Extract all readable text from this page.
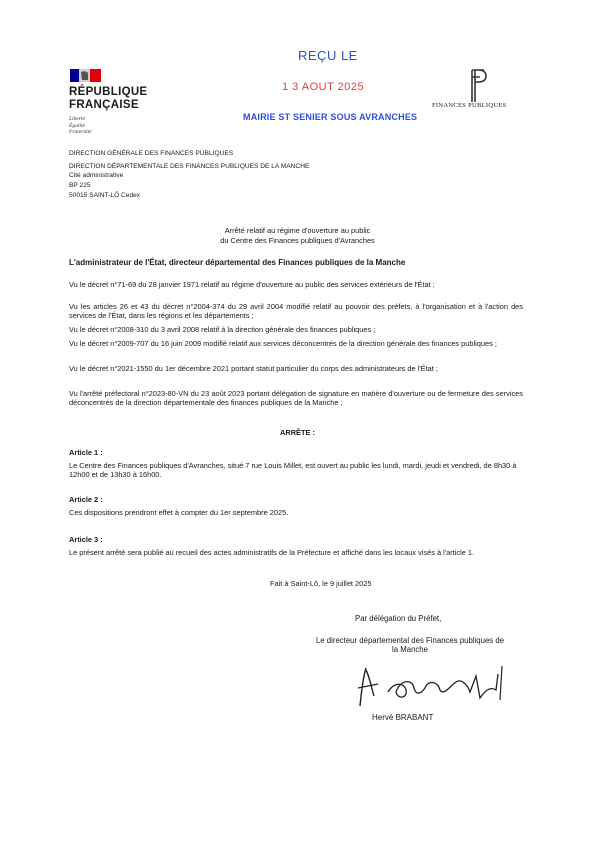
REÇU LE
1 3 AOUT 2025
MAIRIE ST SENIER SOUS AVRANCHES
RÉPUBLIQUE
FRANÇAISE
Liberté
Égalité
Fraternité
FINANCES PUBLIQUES
DIRECTION GÉNÉRALE DES FINANCES PUBLIQUES
DIRECTION DÉPARTEMENTALE DES FINANCES PUBLIQUES DE LA MANCHE
Cité administrative
BP 225
50015 SAINT-LÔ Cedex
Arrêté relatif au régime d'ouverture au public
du Centre des Finances publiques d'Avranches
L'administrateur de l'État, directeur départemental des Finances publiques de la Manche
Vu le décret n°71-69 du 28 janvier 1971 relatif au régime d'ouverture au public des services extérieurs de l'État ;
Vu les articles 26 et 43 du décret n°2004-374 du 29 avril 2004 modifié relatif au pouvoir des préfets, à l'organisation et à l'action des services de l'État, dans les régions et les départements ;
Vu le décret n°2008-310 du 3 avril 2008 relatif à la direction générale des finances publiques ;
Vu le décret n°2009-707 du 16 juin 2009 modifié relatif aux services déconcentrés de la direction générale des finances publiques ;
Vu le décret n°2021-1550 du 1er décembre 2021 portant statut particulier du corps des administrateurs de l'État ;
Vu l'arrêté préfectoral n°2023-80-VN du 23 août 2023 portant délégation de signature en matière d'ouverture ou de fermeture des services déconcentrés de la direction départementale des finances publiques de la Manche ;
ARRÊTE :
Article 1 :
Le Centre des Finances publiques d'Avranches, situé 7 rue Louis Millet, est ouvert au public les lundi, mardi, jeudi et vendredi, de 8h30 à 12h00 et de 13h30 à 16h00.
Article 2 :
Ces dispositions prendront effet à compter du 1er septembre 2025.
Article 3 :
Le présent arrêté sera publié au recueil des actes administratifs de la Préfecture et affiché dans les locaux visés à l'article 1.
Fait à Saint-Lô, le 9 juillet 2025
Par délégation du Préfet,
Le directeur départemental des Finances publiques de la Manche
Hervé BRABANT
